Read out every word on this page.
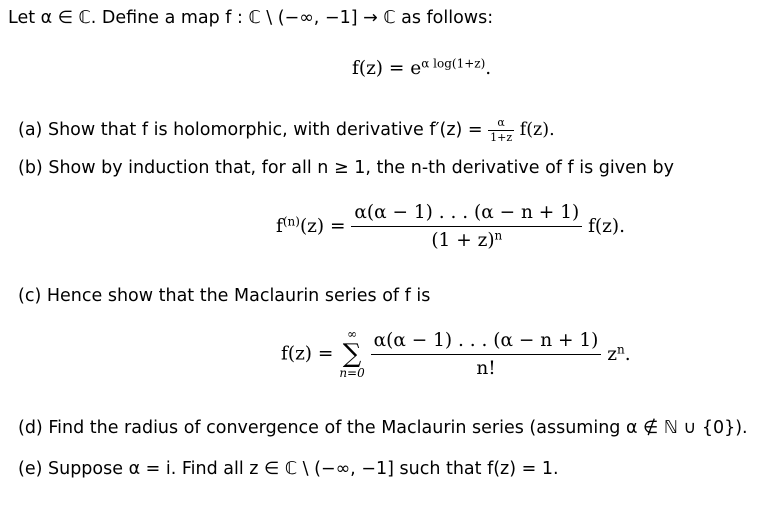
Let α ∈ ℂ. Define a map f : ℂ \ (−∞, −1] → ℂ as follows:
$f(z) = e^{\alpha log(1+z)}$.
(a) Show that f is holomorphic, with derivative $f'(z) = \frac{\alpha}{1+z} f(z)$.
(b) Show by induction that, for all n ≥ 1, the n-th derivative of f is given by
$f^{(n)}(z) = \frac{\alpha(\alpha - 1) . . . (\alpha - n + 1)}{(1 + z)^n} f(z)$.
(c) Hence show that the Maclaurin series of f is
f(z) =
∞
∑
n=0
$\frac{\alpha(\alpha - 1) . . . (\alpha - n + 1)}{n!} z^n$.
(d) Find the radius of convergence of the Maclaurin series (assuming α ∉ ℕ ∪ {0}).
(e) Suppose α = i. Find all z ∈ ℂ \ (−∞, −1] such that f(z) = 1.
